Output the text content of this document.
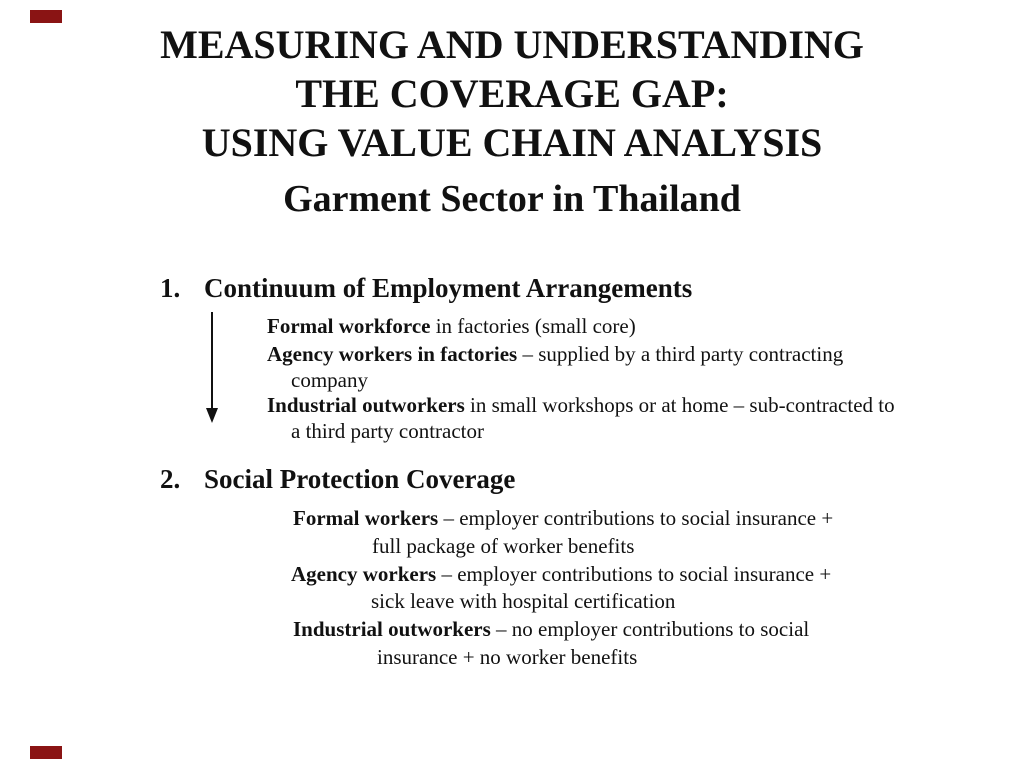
MEASURING AND UNDERSTANDING
THE COVERAGE GAP:
USING VALUE CHAIN ANALYSIS
Garment Sector in Thailand
1. Continuum of Employment Arrangements
Formal workforce in factories (small core)
Agency workers in factories – supplied by a third party contracting
company
Industrial outworkers in small workshops or at home – sub-contracted to
a third party contractor
2. Social Protection Coverage
Formal workers – employer contributions to social insurance +
full package of worker benefits
Agency workers – employer contributions to social insurance +
sick leave with hospital certification
Industrial outworkers – no employer contributions to social
insurance + no worker benefits
